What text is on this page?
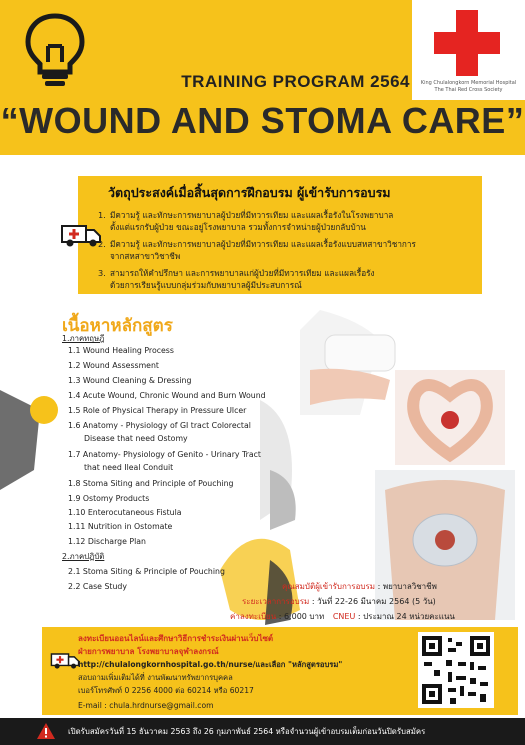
King Chulalongkorn Memorial Hospital
The Thai Red Cross Society
TRAINING PROGRAM 2564
“WOUND AND STOMA CARE”
วัตถุประสงค์เมื่อสิ้นสุดการฝึกอบรม ผู้เข้ารับการอบรม
1. มีความรู้ และทักษะการพยาบาลผู้ป่วยที่มีทวารเทียม และแผลเรื้อรังในโรงพยาบาล
ตั้งแต่แรกรับผู้ป่วย ขณะอยู่โรงพยาบาล รวมทั้งการจำหน่ายผู้ป่วยกลับบ้าน
2. มีความรู้ และทักษะการพยาบาลผู้ป่วยที่มีทวารเทียม และแผลเรื้อรังแบบสหสาขาวิชาการ
จากสหสาขาวิชาชีพ
3. สามารถให้คำปรึกษา และการพยาบาลแก่ผู้ป่วยที่มีทวารเทียม และแผลเรื้อรัง
ด้วยการเรียนรู้แบบกลุ่มร่วมกับพยาบาลผู้มีประสบการณ์
เนื้อหาหลักสูตร
1.ภาคทฤษฎี
1.1 Wound Healing Process
1.2 Wound Assessment
1.3 Wound Cleaning & Dressing
1.4 Acute Wound, Chronic Wound and Burn Wound
1.5 Role of Physical Therapy in Pressure Ulcer
1.6 Anatomy - Physiology of GI tract Colorectal
Disease that need Ostomy
1.7 Anatomy- Physiology of Genito - Urinary Tract
that need Ileal Conduit
1.8 Stoma Siting and Principle of Pouching
1.9 Ostomy Products
1.10 Enterocutaneous Fistula
1.11 Nutrition in Ostomate
1.12 Discharge Plan
2.ภาคปฏิบัติ
2.1 Stoma Siting & Principle of Pouching
2.2 Case Study	คุณสมบัติผู้เข้ารับการอบรม : พยาบาลวิชาชีพ
ระยะเวลาการอบรม : วันที่ 22-26 มีนาคม 2564 (5 วัน)
ค่าลงทะเบียน : 6,000 บาท CNEU : ประมาณ 24 หน่วยคะแนน
ลงทะเบียนออนไลน์และศึกษาวิธีการชำระเงินผ่านเว็บไซต์
ฝ่ายการพยาบาล โรงพยาบาลจุฬาลงกรณ์
http://chulalongkornhospital.go.th/nurse/และเลือก "หลักสูตรอบรม"
สอบถามเพิ่มเติมได้ที่ งานพัฒนาทรัพยากรบุคคล
เบอร์โทรศัพท์ 0 2256 4000 ต่อ 60214 หรือ 60217
E-mail : chula.hrdnurse@gmail.com
เปิดรับสมัครวันที่ 15 ธันวาคม 2563 ถึง 26 กุมภาพันธ์ 2564 หรือจำนวนผู้เข้าอบรมเต็มก่อนวันปิดรับสมัคร
